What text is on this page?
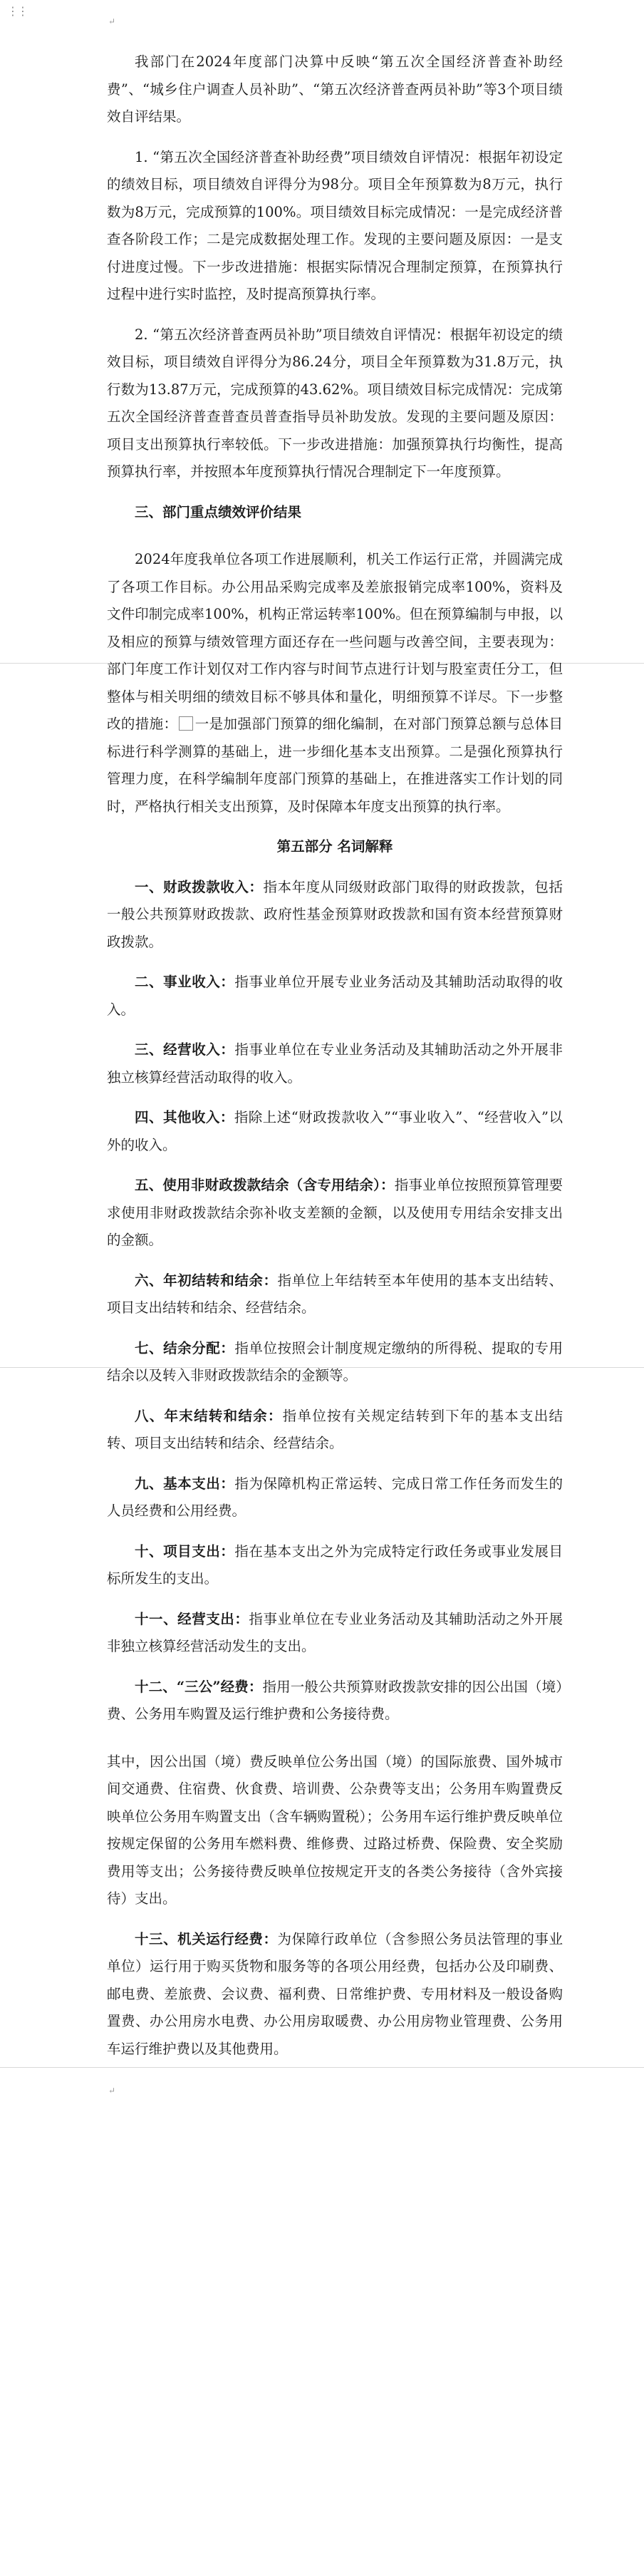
⋮⋮
↵

我部门在2024年度部门决算中反映“第五次全国经济普查补助经费”、“城乡住户调查人员补助”、“第五次经济普查两员补助”等3个项目绩效自评结果。

1. “第五次全国经济普查补助经费”项目绩效自评情况：根据年初设定的绩效目标，项目绩效自评得分为98分。项目全年预算数为8万元，执行数为8万元，完成预算的100%。项目绩效目标完成情况：一是完成经济普查各阶段工作；二是完成数据处理工作。发现的主要问题及原因：一是支付进度过慢。下一步改进措施：根据实际情况合理制定预算，在预算执行过程中进行实时监控，及时提高预算执行率。

2. “第五次经济普查两员补助”项目绩效自评情况：根据年初设定的绩效目标，项目绩效自评得分为86.24分，项目全年预算数为31.8万元，执行数为13.87万元，完成预算的43.62%。项目绩效目标完成情况：完成第五次全国经济普查普查员普查指导员补助发放。发现的主要问题及原因：项目支出预算执行率较低。下一步改进措施：加强预算执行均衡性，提高预算执行率，并按照本年度预算执行情况合理制定下一年度预算。

三、部门重点绩效评价结果

2024年度我单位各项工作进展顺利，机关工作运行正常，并圆满完成了各项工作目标。办公用品采购完成率及差旅报销完成率100%，资料及文件印制完成率100%，机构正常运转率100%。但在预算编制与申报，以及相应的预算与绩效管理方面还存在一些问题与改善空间，主要表现为：部门年度工作计划仅对工作内容与时间节点进行计划与股室责任分工，但整体与相关明细的绩效目标不够具体和量化，明细预算不详尽。下一步整改的措施： 一是加强部门预算的细化编制，在对部门预算总额与总体目标进行科学测算的基础上，进一步细化基本支出预算。二是强化预算执行管理力度，在科学编制年度部门预算的基础上，在推进落实工作计划的同时，严格执行相关支出预算，及时保障本年度支出预算的执行率。

第五部分 名词解释

一、财政拨款收入：指本年度从同级财政部门取得的财政拨款，包括一般公共预算财政拨款、政府性基金预算财政拨款和国有资本经营预算财政拨款。

二、事业收入：指事业单位开展专业业务活动及其辅助活动取得的收入。

三、经营收入：指事业单位在专业业务活动及其辅助活动之外开展非独立核算经营活动取得的收入。

四、其他收入：指除上述“财政拨款收入”“事业收入”、“经营收入”以外的收入。

五、使用非财政拨款结余（含专用结余）：指事业单位按照预算管理要求使用非财政拨款结余弥补收支差额的金额，以及使用专用结余安排支出的金额。

六、年初结转和结余：指单位上年结转至本年使用的基本支出结转、项目支出结转和结余、经营结余。

七、结余分配：指单位按照会计制度规定缴纳的所得税、提取的专用结余以及转入非财政拨款结余的金额等。

八、年末结转和结余：指单位按有关规定结转到下年的基本支出结转、项目支出结转和结余、经营结余。

九、基本支出：指为保障机构正常运转、完成日常工作任务而发生的人员经费和公用经费。

十、项目支出：指在基本支出之外为完成特定行政任务或事业发展目标所发生的支出。

十一、经营支出：指事业单位在专业业务活动及其辅助活动之外开展非独立核算经营活动发生的支出。

十二、“三公”经费：指用一般公共预算财政拨款安排的因公出国（境）费、公务用车购置及运行维护费和公务接待费。

其中，因公出国（境）费反映单位公务出国（境）的国际旅费、国外城市间交通费、住宿费、伙食费、培训费、公杂费等支出；公务用车购置费反映单位公务用车购置支出（含车辆购置税）；公务用车运行维护费反映单位按规定保留的公务用车燃料费、维修费、过路过桥费、保险费、安全奖励费用等支出；公务接待费反映单位按规定开支的各类公务接待（含外宾接待）支出。

十三、机关运行经费：为保障行政单位（含参照公务员法管理的事业单位）运行用于购买货物和服务等的各项公用经费，包括办公及印刷费、邮电费、差旅费、会议费、福利费、日常维护费、专用材料及一般设备购置费、办公用房水电费、办公用房取暖费、办公用房物业管理费、公务用车运行维护费以及其他费用。

↵
